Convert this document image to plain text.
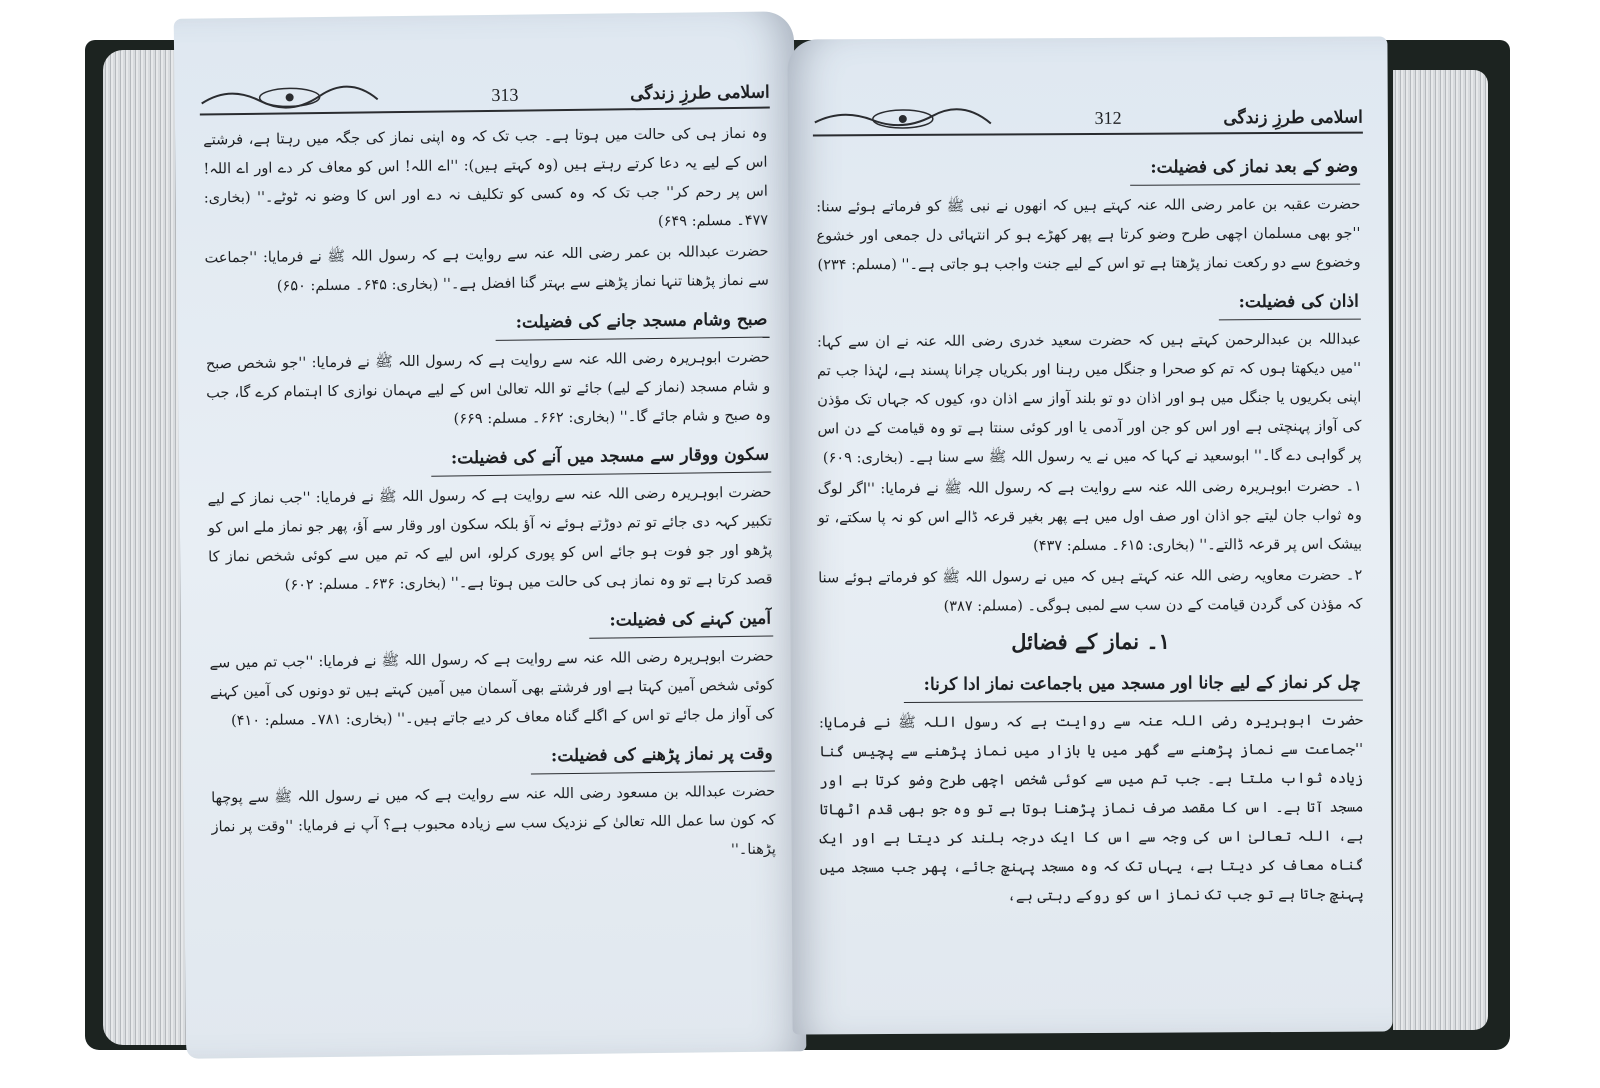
اسلامی طرزِ زندگی
313

وہ نماز ہی کی حالت میں ہوتا ہے۔ جب تک کہ وہ اپنی نماز کی جگہ میں رہتا ہے، فرشتے اس کے لیے یہ دعا کرتے رہتے ہیں (وہ کہتے ہیں): ''اے اللہ! اس کو معاف کر دے اور اے اللہ! اس پر رحم کر'' جب تک کہ وہ کسی کو تکلیف نہ دے اور اس کا وضو نہ ٹوٹے۔'' (بخاری: ۴۷۷۔ مسلم: ۶۴۹)

حضرت عبداللہ بن عمر رضی اللہ عنہ سے روایت ہے کہ رسول اللہ ﷺ نے فرمایا: ''جماعت سے نماز پڑھنا تنہا نماز پڑھنے سے بہتر گنا افضل ہے۔'' (بخاری: ۶۴۵۔ مسلم: ۶۵۰)

صبح وشام مسجد جانے کی فضیلت:

حضرت ابوہریرہ رضی اللہ عنہ سے روایت ہے کہ رسول اللہ ﷺ نے فرمایا: ''جو شخص صبح و شام مسجد (نماز کے لیے) جائے تو اللہ تعالیٰ اس کے لیے مہمان نوازی کا اہتمام کرے گا، جب وہ صبح و شام جائے گا۔'' (بخاری: ۶۶۲۔ مسلم: ۶۶۹)

سکون ووقار سے مسجد میں آنے کی فضیلت:

حضرت ابوہریرہ رضی اللہ عنہ سے روایت ہے کہ رسول اللہ ﷺ نے فرمایا: ''جب نماز کے لیے تکبیر کہہ دی جائے تو تم دوڑتے ہوئے نہ آؤ بلکہ سکون اور وقار سے آؤ، پھر جو نماز ملے اس کو پڑھو اور جو فوت ہو جائے اس کو پوری کرلو، اس لیے کہ تم میں سے کوئی شخص نماز کا قصد کرتا ہے تو وہ نماز ہی کی حالت میں ہوتا ہے۔'' (بخاری: ۶۳۶۔ مسلم: ۶۰۲)

آمین کہنے کی فضیلت:

حضرت ابوہریرہ رضی اللہ عنہ سے روایت ہے کہ رسول اللہ ﷺ نے فرمایا: ''جب تم میں سے کوئی شخص آمین کہتا ہے اور فرشتے بھی آسمان میں آمین کہتے ہیں تو دونوں کی آمین کہنے کی آواز مل جائے تو اس کے اگلے گناہ معاف کر دیے جاتے ہیں۔'' (بخاری: ۷۸۱۔ مسلم: ۴۱۰)

وقت پر نماز پڑھنے کی فضیلت:

حضرت عبداللہ بن مسعود رضی اللہ عنہ سے روایت ہے کہ میں نے رسول اللہ ﷺ سے پوچھا کہ کون سا عمل اللہ تعالیٰ کے نزدیک سب سے زیادہ محبوب ہے؟ آپ نے فرمایا: ''وقت پر نماز پڑھنا۔''

اسلامی طرزِ زندگی
312
وضو کے بعد نماز کی فضیلت:

حضرت عقبہ بن عامر رضی اللہ عنہ کہتے ہیں کہ انھوں نے نبی ﷺ کو فرماتے ہوئے سنا: ''جو بھی مسلمان اچھی طرح وضو کرتا ہے پھر کھڑے ہو کر انتہائی دل جمعی اور خشوع وخضوع سے دو رکعت نماز پڑھتا ہے تو اس کے لیے جنت واجب ہو جاتی ہے۔'' (مسلم: ۲۳۴)

اذان کی فضیلت:

عبداللہ بن عبدالرحمن کہتے ہیں کہ حضرت سعید خدری رضی اللہ عنہ نے ان سے کہا: ''میں دیکھتا ہوں کہ تم کو صحرا و جنگل میں رہنا اور بکریاں چرانا پسند ہے، لہٰذا جب تم اپنی بکریوں یا جنگل میں ہو اور اذان دو تو بلند آواز سے اذان دو، کیوں کہ جہاں تک مؤذن کی آواز پہنچتی ہے اور اس کو جن اور آدمی یا اور کوئی سنتا ہے تو وہ قیامت کے دن اس پر گواہی دے گا۔'' ابوسعید نے کہا کہ میں نے یہ رسول اللہ ﷺ سے سنا ہے۔ (بخاری: ۶۰۹)

۱۔ حضرت ابوہریرہ رضی اللہ عنہ سے روایت ہے کہ رسول اللہ ﷺ نے فرمایا: ''اگر لوگ وہ ثواب جان لیتے جو اذان اور صف اول میں ہے پھر بغیر قرعہ ڈالے اس کو نہ پا سکتے، تو بیشک اس پر قرعہ ڈالتے۔'' (بخاری: ۶۱۵۔ مسلم: ۴۳۷)

۲۔ حضرت معاویہ رضی اللہ عنہ کہتے ہیں کہ میں نے رسول اللہ ﷺ کو فرماتے ہوئے سنا کہ مؤذن کی گردن قیامت کے دن سب سے لمبی ہوگی۔ (مسلم: ۳۸۷)

۱۔ نماز کے فضائل
چل کر نماز کے لیے جانا اور مسجد میں باجماعت نماز ادا کرنا:

حضرت ابوہریرہ رضی اللہ عنہ سے روایت ہے کہ رسول اللہ ﷺ نے فرمایا: ''جماعت سے نماز پڑھنے سے گھر میں یا بازار میں نماز پڑھنے سے پچیس گنا زیادہ ثواب ملتا ہے۔ جب تم میں سے کوئی شخص اچھی طرح وضو کرتا ہے اور مسجد آتا ہے۔ اس کا مقصد صرف نماز پڑھنا ہوتا ہے تو وہ جو بھی قدم اٹھاتا ہے، اللہ تعالیٰ اس کی وجہ سے اس کا ایک درجہ بلند کر دیتا ہے اور ایک گناہ معاف کر دیتا ہے، یہاں تک کہ وہ مسجد پہنچ جائے، پھر جب مسجد میں پہنچ جاتا ہے تو جب تک نماز اس کو روکے رہتی ہے،
